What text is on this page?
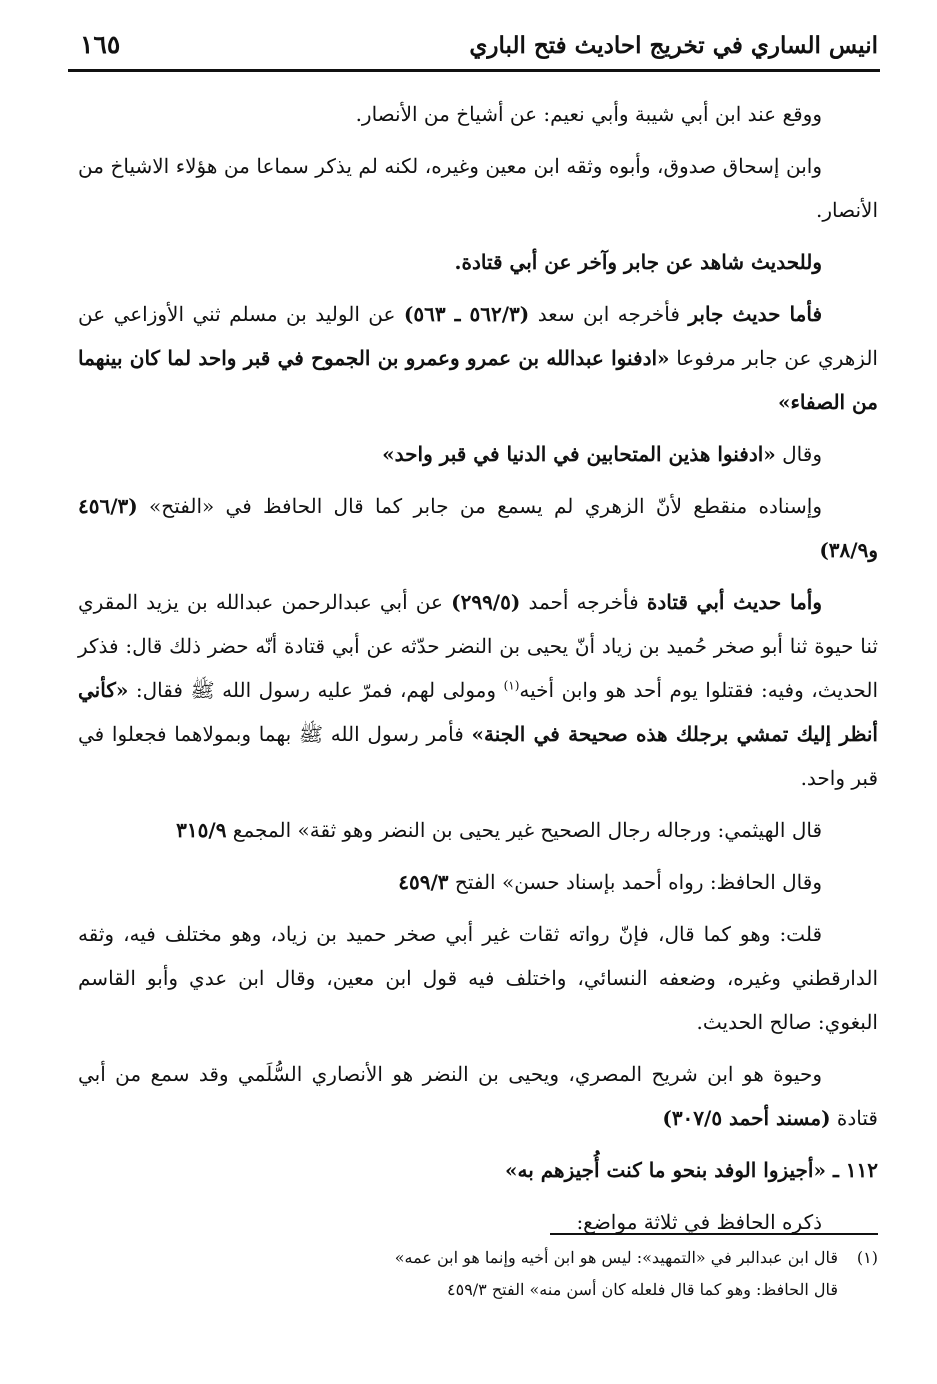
انيس الساري في تخريج احاديث فتح الباري
١٦٥

ووقع عند ابن أبي شيبة وأبي نعيم: عن أشياخ من الأنصار.

وابن إسحاق صدوق، وأبوه وثقه ابن معين وغيره، لكنه لم يذكر سماعا من هؤلاء الاشياخ من الأنصار.

وللحديث شاهد عن جابر وآخر عن أبي قتادة.

فأما حديث جابر فأخرجه ابن سعد (٥٦٢/٣ ـ ٥٦٣) عن الوليد بن مسلم ثني الأوزاعي عن الزهري عن جابر مرفوعا «ادفنوا عبدالله بن عمرو وعمرو بن الجموح في قبر واحد لما كان بينهما من الصفاء»

وقال «ادفنوا هذين المتحابين في الدنيا في قبر واحد»

وإسناده منقطع لأنّ الزهري لم يسمع من جابر كما قال الحافظ في «الفتح» (٤٥٦/٣ و٣٨/٩)

وأما حديث أبي قتادة فأخرجه أحمد (٢٩٩/٥) عن أبي عبدالرحمن عبدالله بن يزيد المقري ثنا حيوة ثنا أبو صخر حُميد بن زياد أنّ يحيى بن النضر حدّثه عن أبي قتادة أنّه حضر ذلك قال: فذكر الحديث، وفيه: فقتلوا يوم أحد هو وابن أخيه$^{(١)}$ ومولى لهم، فمرّ عليه رسول الله ﷺ فقال: «كأني أنظر إليك تمشي برجلك هذه صحيحة في الجنة» فأمر رسول الله ﷺ بهما وبمولاهما فجعلوا في قبر واحد.

قال الهيثمي: ورجاله رجال الصحيح غير يحيى بن النضر وهو ثقة» المجمع ٣١٥/٩

وقال الحافظ: رواه أحمد بإسناد حسن» الفتح ٤٥٩/٣

قلت: وهو كما قال، فإنّ رواته ثقات غير أبي صخر حميد بن زياد، وهو مختلف فيه، وثقه الدارقطني وغيره، وضعفه النسائي، واختلف فيه قول ابن معين، وقال ابن عدي وأبو القاسم البغوي: صالح الحديث.

وحيوة هو ابن شريح المصري، ويحيى بن النضر هو الأنصاري السُّلَمي وقد سمع من أبي قتادة (مسند أحمد ٣٠٧/٥)

١١٢ ـ «أجيزوا الوفد بنحو ما كنت أُجيزهم به»

ذكره الحافظ في ثلاثة مواضع:

(١)قال ابن عبدالبر في «التمهيد»: ليس هو ابن أخيه وإنما هو ابن عمه»

قال الحافظ: وهو كما قال فلعله كان أسن منه» الفتح ٤٥٩/٣
